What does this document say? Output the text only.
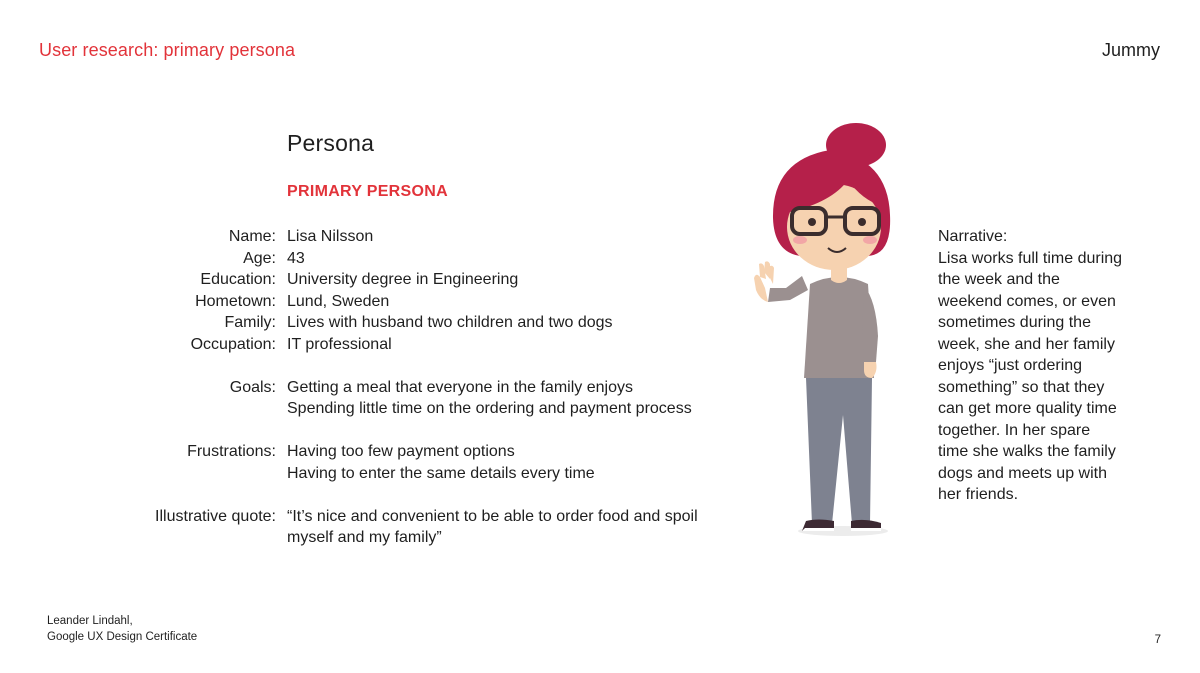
User research: primary persona	Jummy
Persona
PRIMARY PERSONA
Name: Lisa Nilsson
Age: 43
Education: University degree in Engineering
Hometown: Lund, Sweden
Family: Lives with husband two children and two dogs
Occupation: IT professional
Goals: Getting a meal that everyone in the family enjoys
Spending little time on the ordering and payment process
Frustrations: Having too few payment options
Having to enter the same details every time
Illustrative quote: “It’s nice and convenient to be able to order food and spoil
myself and my family”
Narrative:
Lisa works full time during
the week and the
weekend comes, or even
sometimes during the
week, she and her family
enjoys “just ordering
something” so that they
can get more quality time
together. In her spare
time she walks the family
dogs and meets up with
her friends.
Leander Lindahl,
Google UX Design Certificate	7
